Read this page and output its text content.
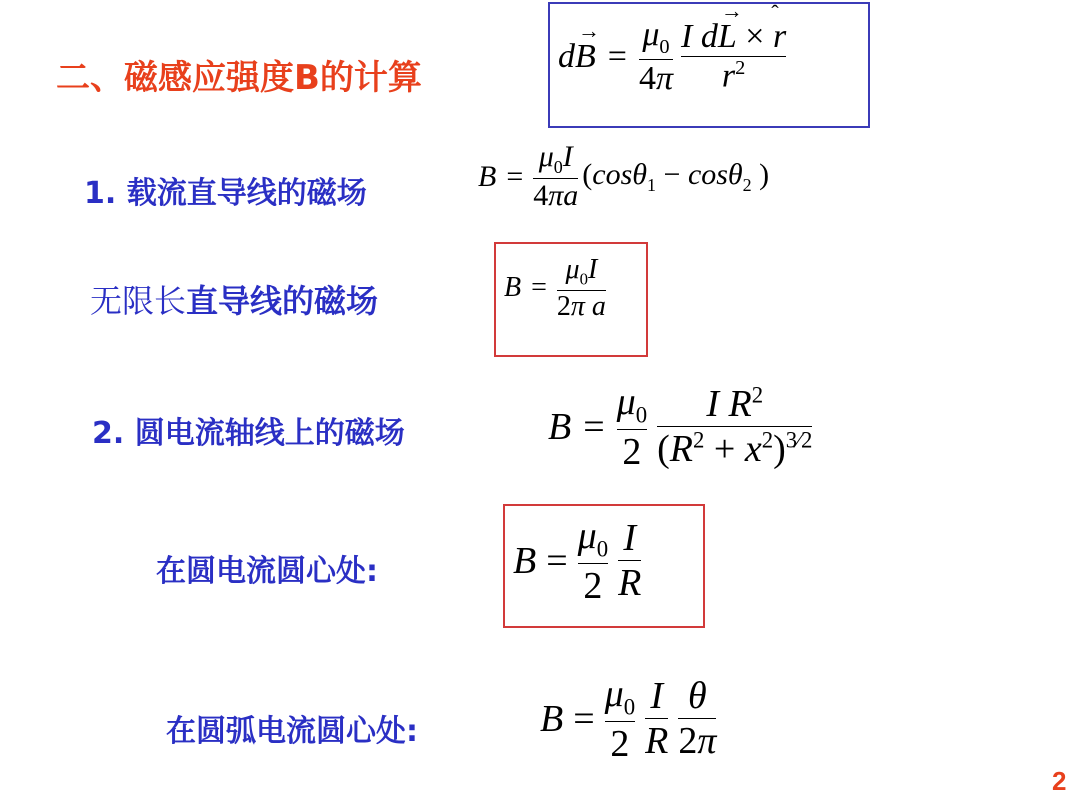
二、磁感应强度B的计算
dB
→
= $\frac{\mu_0}{4\pi}$ I dL
→
× r
$r^2$
1. 载流直导线的磁场	$B = \frac{\mu_0I}{4\pi a} (\cos\theta_1 - \cos\theta_2$ )
无限长直导线的磁场	$B = \frac{\mu_0I}{\text{2π a}}$
2. 圆电流轴线上的磁场	$B = \frac{\mu_0}{2} \frac{I R^2}{(R^2 + x^2)^{3⁄2}}$
在圆电流圆心处:	$B = \frac{\mu_0}{2} \frac{I}{R}$
在圆弧电流圆心处:	$B = \frac{\mu_0}{2} \frac{I}{R} \frac{\theta}{2\pi}$
2
